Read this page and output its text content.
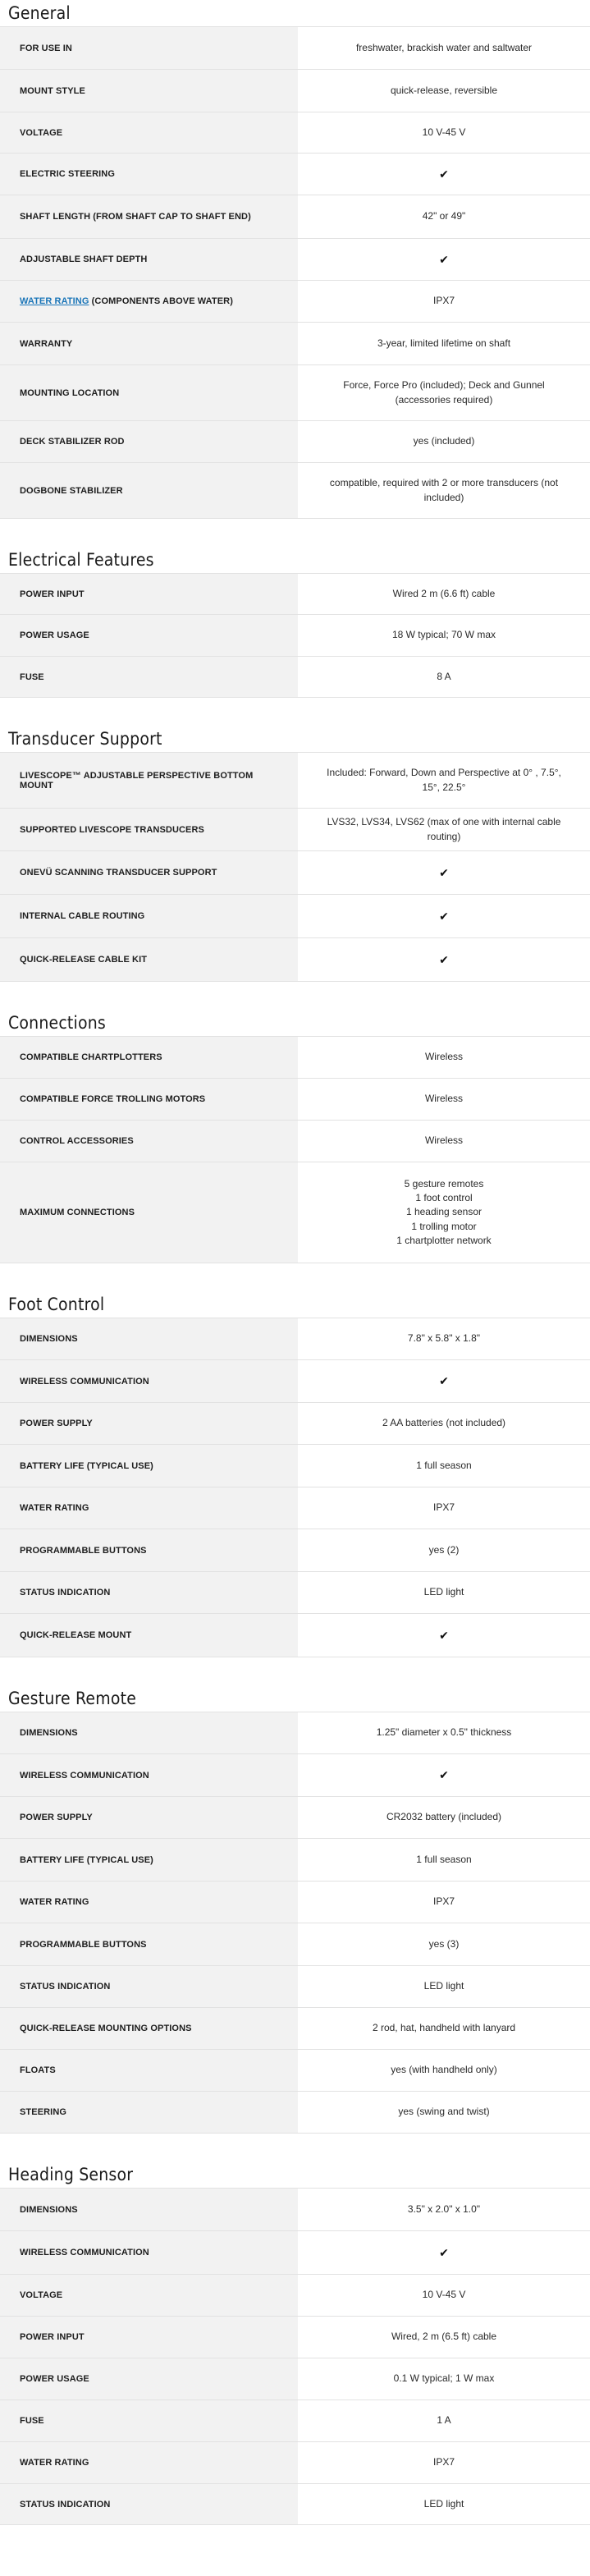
General
FOR USE IN	freshwater, brackish water and saltwater
MOUNT STYLE	quick-release, reversible
VOLTAGE	10 V-45 V
ELECTRIC STEERING	✔
SHAFT LENGTH (FROM SHAFT CAP TO SHAFT END)	42" or 49"
ADJUSTABLE SHAFT DEPTH	✔
WATER RATING (COMPONENTS ABOVE WATER)	IPX7
WARRANTY	3-year, limited lifetime on shaft
MOUNTING LOCATION	Force, Force Pro (included); Deck and Gunnel (accessories required)
DECK STABILIZER ROD	yes (included)
DOGBONE STABILIZER	compatible, required with 2 or more transducers (not included)
Electrical Features
POWER INPUT	Wired 2 m (6.6 ft) cable
POWER USAGE	18 W typical; 70 W max
FUSE	8 A
Transducer Support
LIVESCOPE™ ADJUSTABLE PERSPECTIVE BOTTOM MOUNT	Included: Forward, Down and Perspective at 0° , 7.5°, 15°, 22.5°
SUPPORTED LIVESCOPE TRANSDUCERS	LVS32, LVS34, LVS62 (max of one with internal cable routing)
ONEVÜ SCANNING TRANSDUCER SUPPORT	✔
INTERNAL CABLE ROUTING	✔
QUICK-RELEASE CABLE KIT	✔
Connections
COMPATIBLE CHARTPLOTTERS	Wireless
COMPATIBLE FORCE TROLLING MOTORS	Wireless
CONTROL ACCESSORIES	Wireless
MAXIMUM CONNECTIONS	5 gesture remotes
1 foot control
1 heading sensor
1 trolling motor
1 chartplotter network
Foot Control
DIMENSIONS	7.8" x 5.8" x 1.8"
WIRELESS COMMUNICATION	✔
POWER SUPPLY	2 AA batteries (not included)
BATTERY LIFE (TYPICAL USE)	1 full season
WATER RATING	IPX7
PROGRAMMABLE BUTTONS	yes (2)
STATUS INDICATION	LED light
QUICK-RELEASE MOUNT	✔
Gesture Remote
DIMENSIONS	1.25" diameter x 0.5" thickness
WIRELESS COMMUNICATION	✔
POWER SUPPLY	CR2032 battery (included)
BATTERY LIFE (TYPICAL USE)	1 full season
WATER RATING	IPX7
PROGRAMMABLE BUTTONS	yes (3)
STATUS INDICATION	LED light
QUICK-RELEASE MOUNTING OPTIONS	2 rod, hat, handheld with lanyard
FLOATS	yes (with handheld only)
STEERING	yes (swing and twist)
Heading Sensor
DIMENSIONS	3.5" x 2.0" x 1.0"
WIRELESS COMMUNICATION	✔
VOLTAGE	10 V-45 V
POWER INPUT	Wired, 2 m (6.5 ft) cable
POWER USAGE	0.1 W typical; 1 W max
FUSE	1 A
WATER RATING	IPX7
STATUS INDICATION	LED light
